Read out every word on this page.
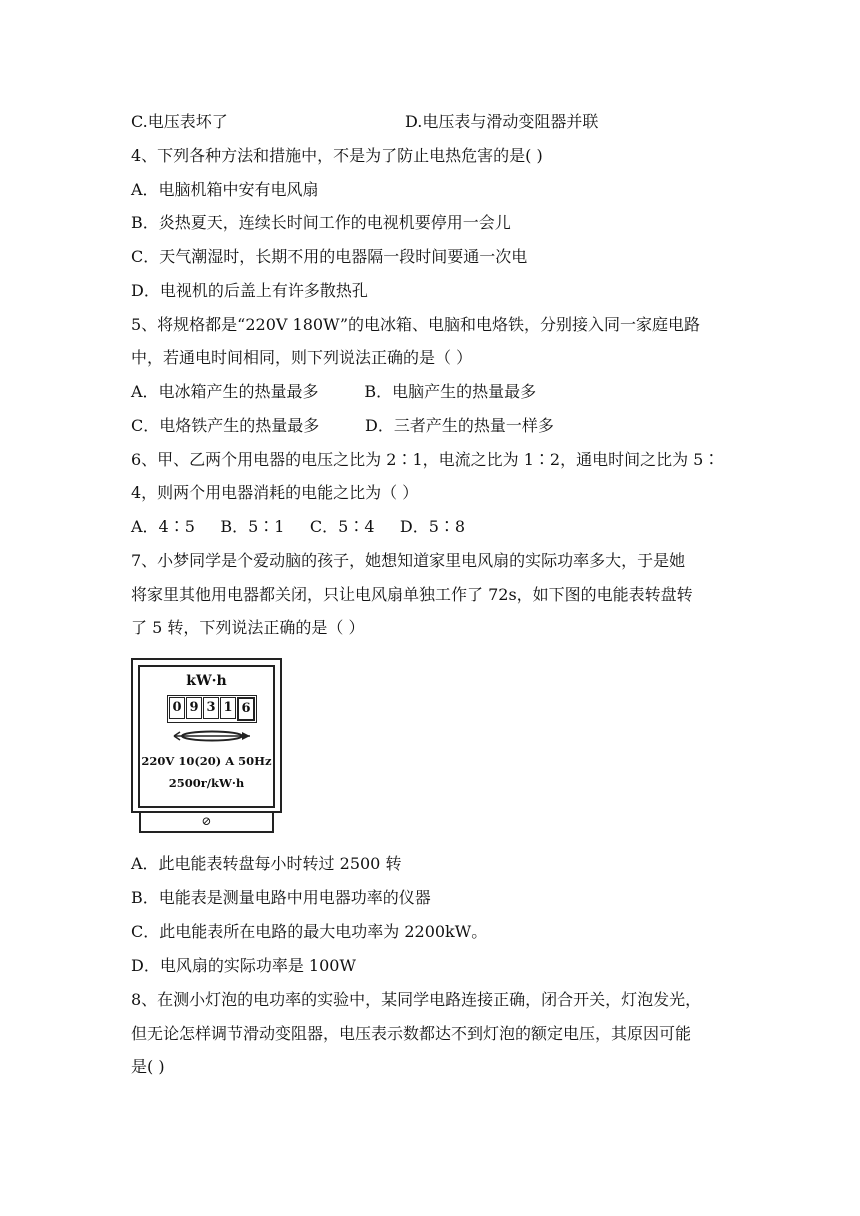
C.电压表坏了	D.电压表与滑动变阻器并联
4、下列各种方法和措施中，不是为了防止电热危害的是( )
A．电脑机箱中安有电风扇
B．炎热夏天，连续长时间工作的电视机要停用一会儿
C．天气潮湿时，长期不用的电器隔一段时间要通一次电
D．电视机的后盖上有许多散热孔
5、将规格都是“220V 180W”的电冰箱、电脑和电烙铁，分别接入同一家庭电路
中，若通电时间相同，则下列说法正确的是（ ）
A．电冰箱产生的热量最多         B．电脑产生的热量最多
C．电烙铁产生的热量最多         D．三者产生的热量一样多
6、甲、乙两个用电器的电压之比为 2∶1，电流之比为 1∶2，通电时间之比为 5∶
4，则两个用电器消耗的电能之比为（ ）
A．4∶5     B．5∶1     C．5∶4     D．5∶8
7、小梦同学是个爱动脑的孩子，她想知道家里电风扇的实际功率多大，于是她
将家里其他用电器都关闭，只让电风扇单独工作了 72s，如下图的电能表转盘转
了 5 转，下列说法正确的是（ ）
kW·h
0 9 3 1 6
220V 10(20) A 50Hz
2500r/kW·h
⊘
A．此电能表转盘每小时转过 2500 转
B．电能表是测量电路中用电器功率的仪器
C．此电能表所在电路的最大电功率为 2200kW。
D．电风扇的实际功率是 100W
8、在测小灯泡的电功率的实验中，某同学电路连接正确，闭合开关，灯泡发光，
但无论怎样调节滑动变阻器，电压表示数都达不到灯泡的额定电压，其原因可能
是( )
